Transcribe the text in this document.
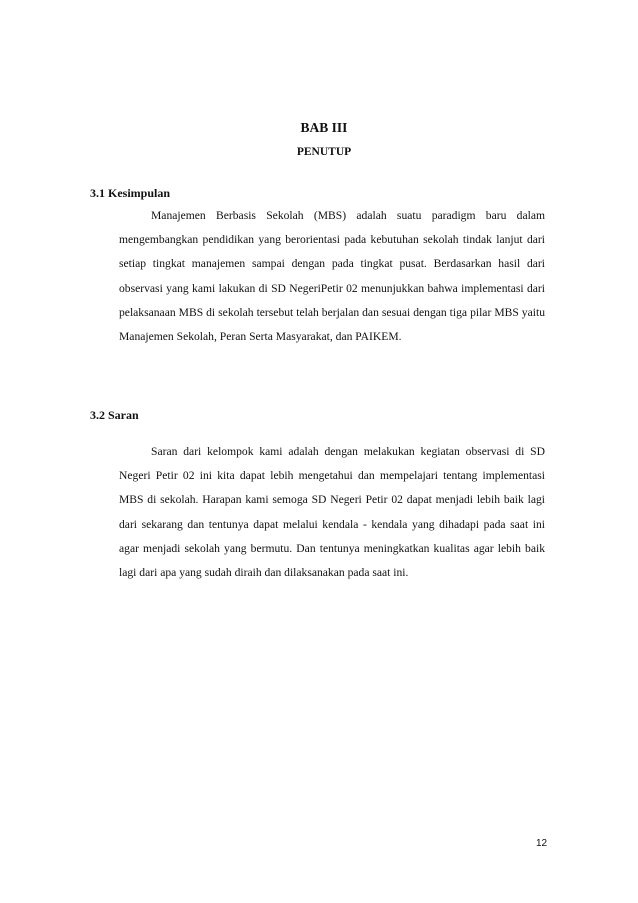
BAB III
PENUTUP
3.1 Kesimpulan

Manajemen Berbasis Sekolah (MBS) adalah suatu paradigm baru dalam mengembangkan pendidikan yang berorientasi pada kebutuhan sekolah tindak lanjut dari setiap tingkat manajemen sampai dengan pada tingkat pusat. Berdasarkan hasil dari observasi yang kami lakukan di SD NegeriPetir 02 menunjukkan bahwa implementasi dari pelaksanaan MBS di sekolah tersebut telah berjalan dan sesuai dengan tiga pilar MBS yaitu Manajemen Sekolah, Peran Serta Masyarakat, dan PAIKEM.

3.2 Saran

Saran dari kelompok kami adalah dengan melakukan kegiatan observasi di SD Negeri Petir 02 ini kita dapat lebih mengetahui dan mempelajari tentang implementasi MBS di sekolah. Harapan kami semoga SD Negeri Petir 02 dapat menjadi lebih baik lagi dari sekarang dan tentunya dapat melalui kendala - kendala yang dihadapi pada saat ini agar menjadi sekolah yang bermutu. Dan tentunya meningkatkan kualitas agar lebih baik lagi dari apa yang sudah diraih dan dilaksanakan pada saat ini.

12
